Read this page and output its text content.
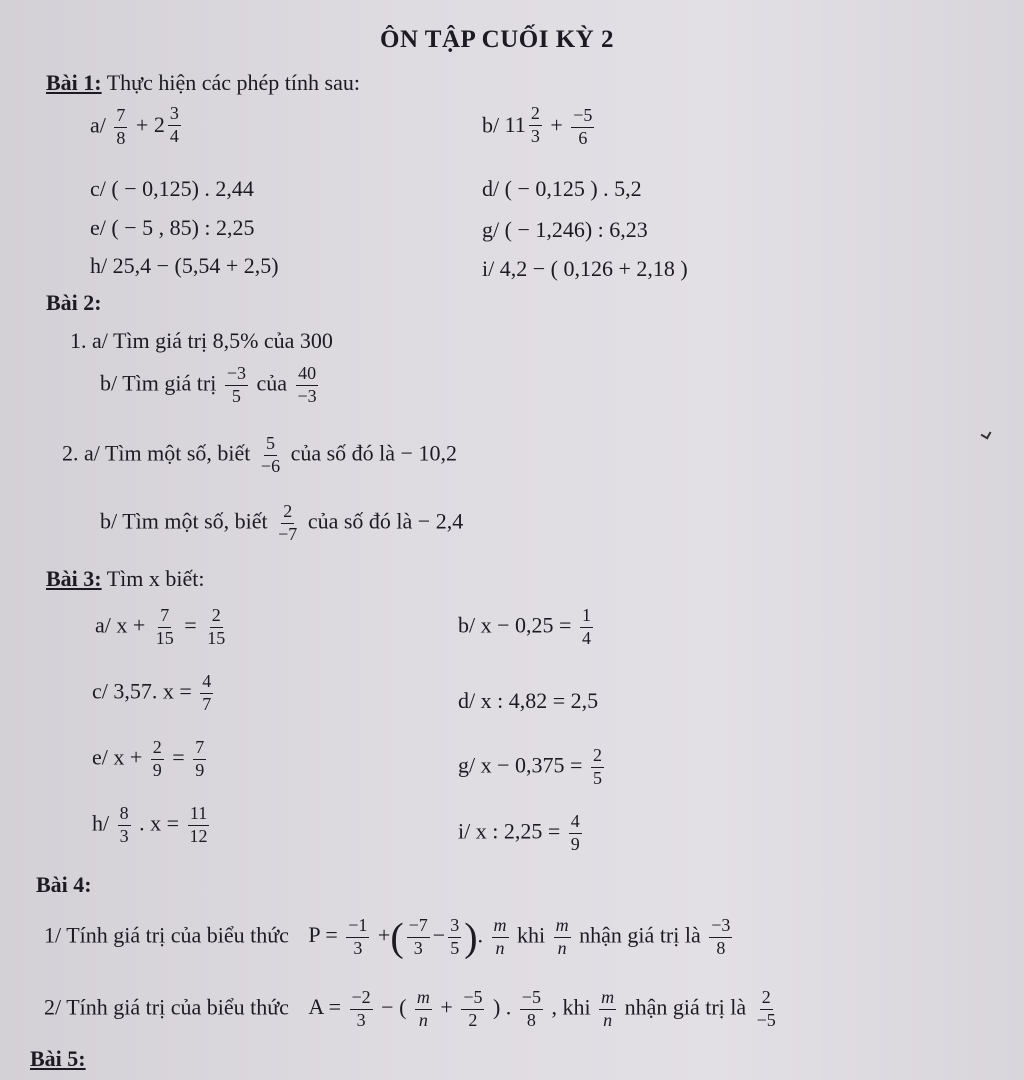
ÔN TẬP CUỐI KỲ 2
Bài 1: Thực hiện các phép tính sau:
$a/ \frac{7}{8} + 2 \frac{3}{4}$	b/ $11 \frac{2}{3} + \frac{-5}{6}$
c/ ( − 0,125) . 2,44	d/ ( − 0,125 ) . 5,2
e/ ( − 5 , 85) : 2,25	g/ ( − 1,246) : 6,23
h/ 25,4 − (5,54 + 2,5)	i/ 4,2 − ( 0,126 + 2,18 )
Bài 2:
1. a/ Tìm giá trị 8,5% của 300
b/ Tìm giá trị $\frac{-3}{5}$ của $\frac{40}{-3}$
2. a/ Tìm một số, biết $\frac{5}{-6}$ của số đó là − 10,2
b/ Tìm một số, biết $\frac{2}{-7}$ của số đó là − 2,4
Bài 3: Tìm x biết:
a/ $x + \frac{7}{15} = \frac{2}{15}$	b/ $x - 0,25 = \frac{1}{4}$
c/ 3,57. $x = \frac{4}{7}$	d/ x : 4,82 = 2,5
e/ $x + \frac{2}{9} = \frac{7}{9}$	g/ $x - 0,375 = \frac{2}{5}$
$h/ \frac{8}{3}$ . $x = \frac{11}{12}$	i/ x : $2,25 = \frac{4}{9}$
Bài 4:
1/ Tính giá trị của biểu thức $P = \frac{-1}{3}$ +( $\frac{-7}{3} - \frac{3}{5}$ ). $\frac{m}{n}$ khi $\frac{m}{n}$ nhận giá trị là $\frac{-3}{8}$
2/ Tính giá trị của biểu thức $A = \frac{-2}{3}$ − ( $\frac{m}{n} + \frac{-5}{2}$ ) . $\frac{-5}{8}$ , khi $\frac{m}{n}$ nhận giá trị là $\frac{2}{-5}$
Bài 5:
